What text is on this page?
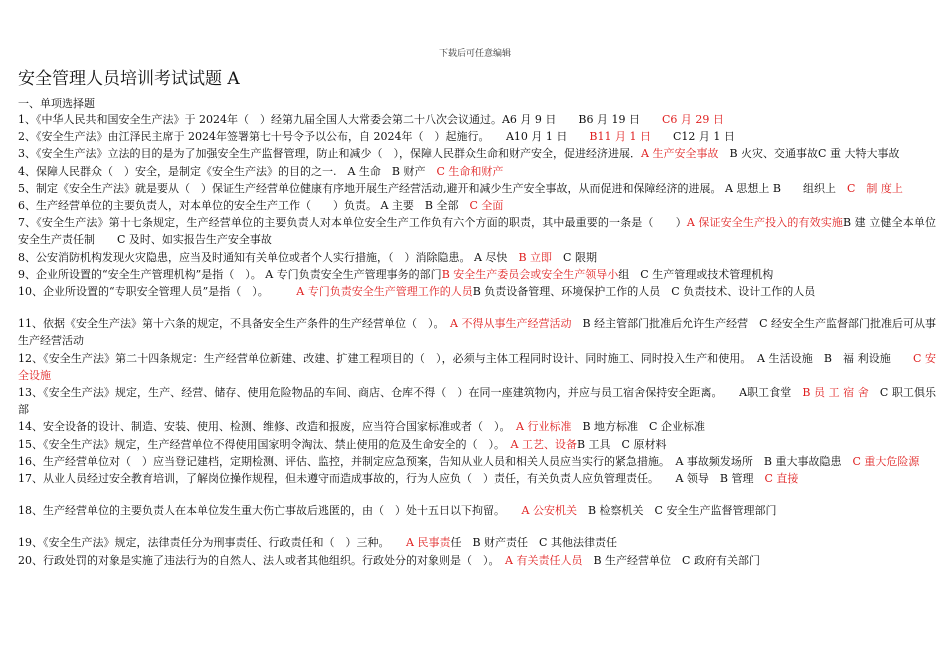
下载后可任意编辑
安全管理人员培训考试试题 A
一、单项选择题

1、《中华人民共和国安全生产法》于 2024年（　）经第九届全国人大常委会第二十八次会议通过。A6 月 9 日　　B6 月 19 日　　C6 月 29 日

2、《安全生产法》由江泽民主席于 2024年签署第七十号令予以公布，自 2024年（　）起施行。　　A10 月 1 日　　B11 月 1 日　　C12 月 1 日

3、《安全生产法》立法的目的是为了加强安全生产监督管理，防止和减少（　），保障人民群众生命和财产安全，促进经济进展．A 生产安全事故　B 火灾、交通事故C 重 大特大事故

4、保障人民群众（　）安全，是制定《安全生产法》的目的之一.　A 生命　B 财产　C 生命和财产

5、制定《安全生产法》就是要从（　）保证生产经营单位健康有序地开展生产经营活动,避开和减少生产安全事故，从而促进和保障经济的进展。 A 思想上 B　　组织上　C　制 度上

6、生产经营单位的主要负责人，对本单位的安全生产工作（　　）负责。 A 主要　B 全部　C 全面

7、《安全生产法》第十七条规定，生产经营单位的主要负责人对本单位安全生产工作负有六个方面的职责，其中最重要的一条是（　　）A 保证安全生产投入的有效实施B 建 立健全本单位安全生产责任制　　C 及时、如实报告生产安全事故

8、公安消防机构发现火灾隐患，应当及时通知有关单位或者个人实行措施，（　）消除隐患。 A 尽快　B 立即　C 限期

9、企业所设置的“安全生产管理机构”是指（　）。 A 专门负责安全生产管理事务的部门B 安全生产委员会或安全生产领导小组　C 生产管理或技术管理机构

10、企业所设置的“专职安全管理人员”是指（　）。　　　A 专门负责安全生产管理工作的人员B 负责设备管理、环境保护工作的人员　C 负责技术、设计工作的人员

11、依据《安全生产法》第十六条的规定，不具备安全生产条件的生产经营单位（　）。　A 不得从事生产经营活动　B 经主管部门批准后允许生产经营　C 经安全生产监督部门批准后可从事生产经营活动

12、《安全生产法》第二十四条规定：生产经营单位新建、改建、扩建工程项目的（　），必须与主体工程同时设计、同时施工、同时投入生产和使用。　A 生活设施　B　福 利设施　　C 安全设施

13、《安全生产法》规定，生产、经营、储存、使用危险物品的车间、商店、仓库不得（　）在同一座建筑物内，并应与员工宿舍保持安全距离。　　A职工食堂　B 员 工 宿 舍　C 职工俱乐部

14、安全设备的设计、制造、安装、使用、检测、维修、改造和报废，应当符合国家标准或者（　）。　A 行业标准　B 地方标准　C 企业标准

15、《安全生产法》规定，生产经营单位不得使用国家明令淘汰、禁止使用的危及生命安全的（　）。　A 工艺、设备B 工具　C 原材料

16、生产经营单位对（　）应当登记建档，定期检测、评估、监控，并制定应急预案，告知从业人员和相关人员应当实行的紧急措施。　A 事故频发场所　B 重大事故隐患　C 重大危险源

17、从业人员经过安全教育培训，了解岗位操作规程，但未遵守而造成事故的，行为人应负（　）责任，有关负责人应负管理责任。　　A 领导　B 管理　C 直接

18、生产经营单位的主要负责人在本单位发生重大伤亡事故后逃匿的，由（　）处十五日以下拘留。　　A 公安机关　B 检察机关　C 安全生产监督管理部门

19、《安全生产法》规定，法律责任分为刑事责任、行政责任和（　）三种。　　A 民事责任　B 财产责任　C 其他法律责任

20、行政处罚的对象是实施了违法行为的自然人、法人或者其他组织。行政处分的对象则是（　）。　A 有关责任人员　B 生产经营单位　C 政府有关部门
